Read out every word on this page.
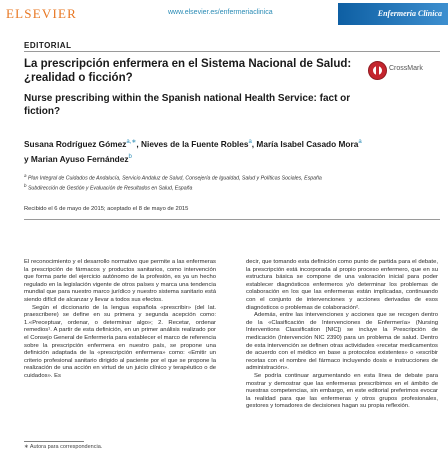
ELSEVIER	www.elsevier.es/enfermeriaclinica	Enfermería Clínica
EDITORIAL
La prescripción enfermera en el Sistema Nacional de Salud: ¿realidad o ficción?
CrossMark
Nurse prescribing within the Spanish national Health Service: fact or fiction?
Susana Rodríguez Gómez$^{a,∗}$, Nieves de la Fuente Robles$^a$, María Isabel Casado Mora$^a$
y Marian Ayuso Fernández$^b$
$^a$ Plan Integral de Cuidados de Andalucía, Servicio Andaluz de Salud, Consejería de Igualdad, Salud y Políticas Sociales, España
$^b$ Subdirección de Gestión y Evaluación de Resultados en Salud, España
Recibido el 6 de mayo de 2015; aceptado el 8 de mayo de 2015

El reconocimiento y el desarrollo normativo que permite a las enfermeras la prescripción de fármacos y productos sanitarios, como intervención que forma parte del ejercicio autónomo de la profesión, es ya un hecho regulado en la legislación vigente de otros países y marca una tendencia mundial que para nuestro marco jurídico y nuestro sistema sanitario está siendo difícil de alcanzar y llevar a todos sus efectos.

Según el diccionario de la lengua española «prescribir» (del lat. praescribere) se define en su primera y segunda acepción como: 1.«Preceptuar, ordenar, o determinar algo»; 2. Recetar, ordenar remedios¹. A partir de esta definición, en un primer análisis realizado por el Consejo General de Enfermería para establecer el marco de referencia sobre la prescripción enfermera en nuestro país, se propone una definición adaptada de la «prescripción enfermera» como: «Emitir un criterio profesional sanitario dirigido al paciente por el que se propone la realización de una acción en virtud de un juicio clínico y terapéutico o de cuidados». Es

decir, que tomando esta definición como punto de partida para el debate, la prescripción está incorporada al propio proceso enfermero, que en su estructura básica se compone de una valoración inicial para poder establecer diagnósticos enfermeros y/o determinar los problemas de colaboración en los que las enfermeras están implicadas, continuando con el conjunto de intervenciones y acciones derivadas de esos diagnósticos o problemas de colaboración².

Además, entre las intervenciones y acciones que se recogen dentro de la «Clasificación de Intervenciones de Enfermería» (Nursing Interventions Classification [NIC]) se incluye la Prescripción de medicación (Intervención NIC 2390) para un problema de salud. Dentro de esta intervención se definen otras actividades «recetar medicamentos de acuerdo con el médico en base a protocolos existentes» o «escribir recetas con el nombre del fármaco incluyendo dosis e instrucciones de administración».

Se podría continuar argumentando en esta línea de debate para mostrar y demostrar que las enfermeras prescribimos en el ámbito de nuestras competencias, sin embargo, en este editorial preferimos evocar la realidad para que las enfermeras y otros grupos profesionales, gestores y tomadores de decisiones hagan su propia reflexión.

∗ Autora para correspondencia.
